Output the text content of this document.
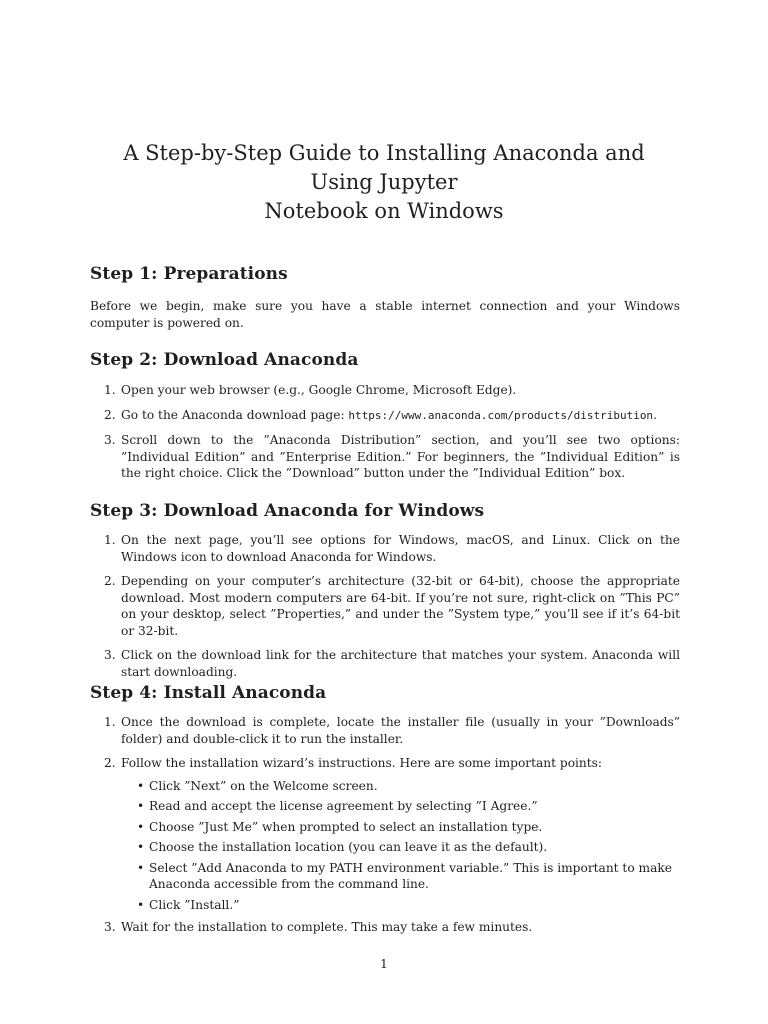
A Step-by-Step Guide to Installing Anaconda and Using Jupyter
Notebook on Windows
Step 1: Preparations

Before we begin, make sure you have a stable internet connection and your Windows computer is powered on.

Step 2: Download Anaconda
1. Open your web browser (e.g., Google Chrome, Microsoft Edge).
2. Go to the Anaconda download page: https://www.anaconda.com/products/distribution.
3. Scroll down to the ”Anaconda Distribution” section, and you’ll see two options: ”Individual Edition” and ”Enterprise Edition.” For beginners, the ”Individual Edition” is the right choice. Click the ”Download” button under the ”Individual Edition” box.
Step 3: Download Anaconda for Windows
1. On the next page, you’ll see options for Windows, macOS, and Linux. Click on the Windows icon to download Anaconda for Windows.
2. Depending on your computer’s architecture (32-bit or 64-bit), choose the appropriate download. Most modern computers are 64-bit. If you’re not sure, right-click on ”This PC” on your desktop, select ”Properties,” and under the ”System type,” you’ll see if it’s 64-bit or 32-bit.
3. Click on the download link for the architecture that matches your system. Anaconda will start downloading.
Step 4: Install Anaconda
1. Once the download is complete, locate the installer file (usually in your ”Downloads” folder) and double-click it to run the installer.
2. Follow the installation wizard’s instructions. Here are some important points:
• Click ”Next” on the Welcome screen.
• Read and accept the license agreement by selecting ”I Agree.”
• Choose ”Just Me” when prompted to select an installation type.
• Choose the installation location (you can leave it as the default).
• Select ”Add Anaconda to my PATH environment variable.” This is important to make Anaconda accessible from the command line.
• Click ”Install.”
3. Wait for the installation to complete. This may take a few minutes.
1
